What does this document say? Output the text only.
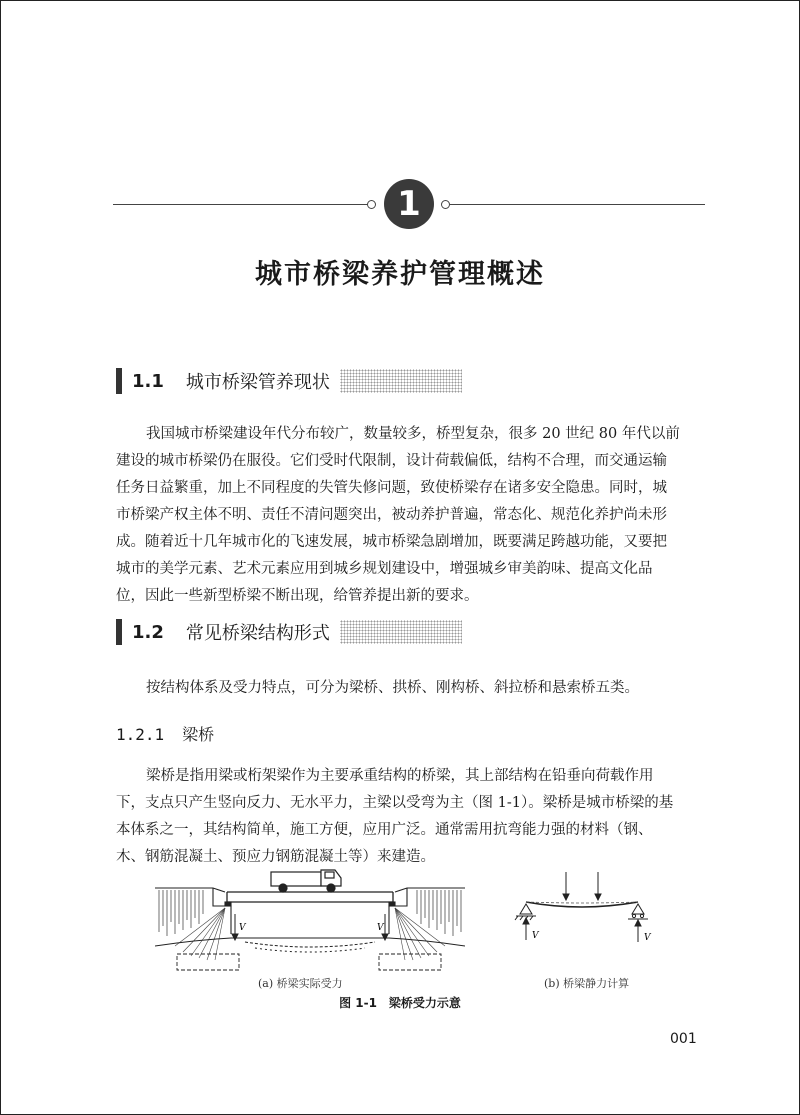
1
城市桥梁养护管理概述
1.1 城市桥梁管养现状
我国城市桥梁建设年代分布较广，数量较多，桥型复杂，很多 20 世纪 80 年代以前
建设的城市桥梁仍在服役。它们受时代限制，设计荷载偏低，结构不合理，而交通运输
任务日益繁重，加上不同程度的失管失修问题，致使桥梁存在诸多安全隐患。同时，城
市桥梁产权主体不明、责任不清问题突出，被动养护普遍，常态化、规范化养护尚未形
成。随着近十几年城市化的飞速发展，城市桥梁急剧增加，既要满足跨越功能，又要把
城市的美学元素、艺术元素应用到城乡规划建设中，增强城乡审美韵味、提高文化品
位，因此一些新型桥梁不断出现，给管养提出新的要求。
1.2 常见桥梁结构形式
按结构体系及受力特点，可分为梁桥、拱桥、刚构桥、斜拉桥和悬索桥五类。
1.2.1 梁桥
梁桥是指用梁或桁架梁作为主要承重结构的桥梁，其上部结构在铅垂向荷载作用
下，支点只产生竖向反力、无水平力，主梁以受弯为主（图 1-1）。梁桥是城市桥梁的基
本体系之一，其结构简单，施工方便，应用广泛。通常需用抗弯能力强的材料（钢、
木、钢筋混凝土、预应力钢筋混凝土等）来建造。
V	V
V	V
(a) 桥梁实际受力	(b) 桥梁静力计算
图 1-1　梁桥受力示意
001
